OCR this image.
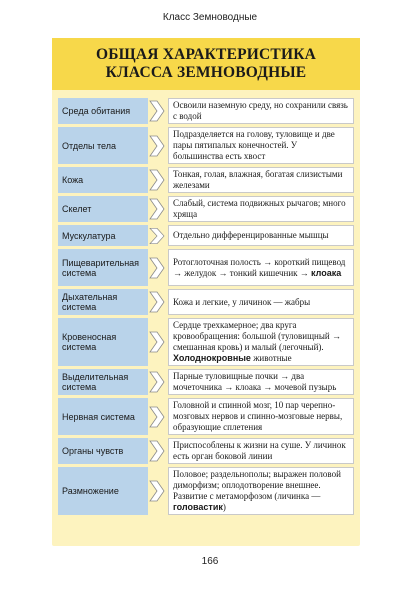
Класс Земноводные
ОБЩАЯ ХАРАКТЕРИСТИКА
КЛАССА ЗЕМНОВОДНЫЕ
Среда обитания
Освоили наземную среду, но сохранили связь с водой
Отделы тела
Подразделяется на голову, туловище и две пары пятипалых конечностей. У большинства есть хвост
Кожа
Тонкая, голая, влажная, богатая слизистыми железами
Скелет
Слабый, система подвижных рычагов; много хряща
Мускулатура	Отдельно дифференцированные мышцы
Пищеварительная система
Ротоглоточная полость → короткий пищевод → желудок → тонкий кишечник → клоака
Дыхательная система
Кожа и легкие, у личинок — жабры
Кровеносная система
Сердце трехкамерное; два круга кровообращения: большой (туловищный → смешанная кровь) и малый (легочный). Холоднокровные животные
Выделительная система
Парные туловищные почки → два мочеточника → клоака → мочевой пузырь
Нервная система
Головной и спинной мозг, 10 пар черепно-мозговых нервов и спинно-мозговые нервы, образующие сплетения
Органы чувств
Приспособлены к жизни на суше. У личинок есть орган боковой линии
Размножение
Половое; раздельнополы; выражен половой диморфизм; оплодотворение внешнее. Развитие с метаморфозом (личинка — головастик)
166
